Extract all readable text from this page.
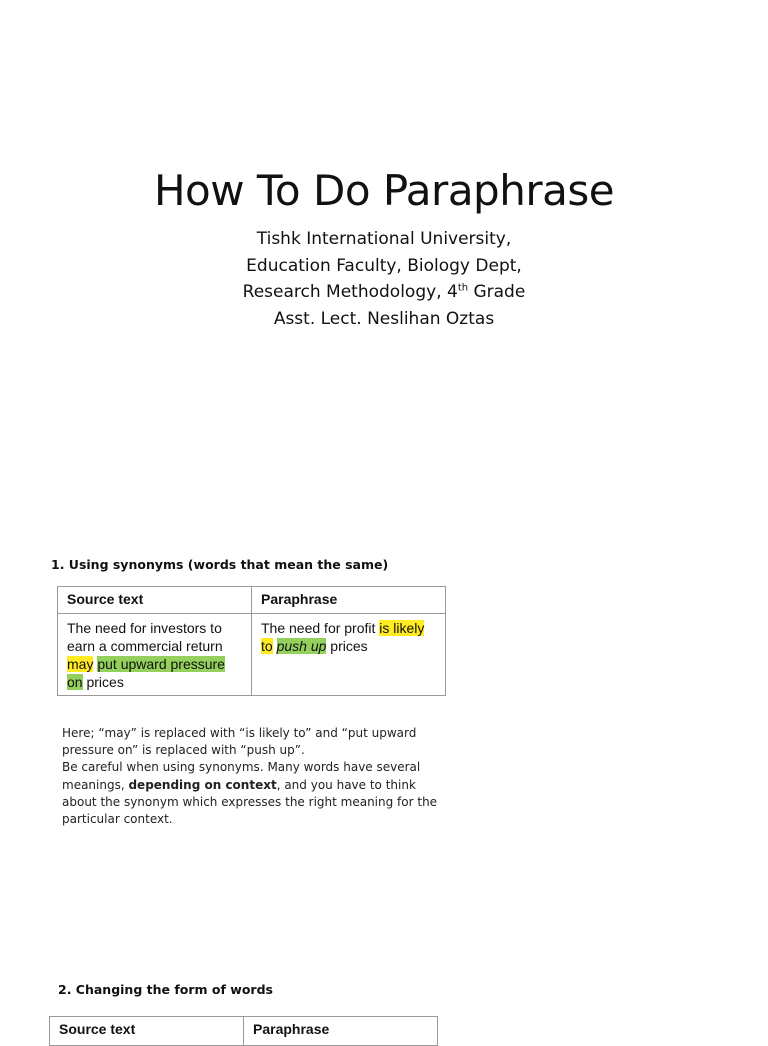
How To Do Paraphrase
Tishk International University,
Education Faculty, Biology Dept,
Research Methodology, 4th Grade
Asst. Lect. Neslihan Oztas
1. Using synonyms (words that mean the same)
Source text	Paraphrase
The need for investors to earn a commercial return may put upward pressure on prices	The need for profit is likely to push up prices

Here; “may” is replaced with “is likely to” and “put upward pressure on” is replaced with “push up”.

Be careful when using synonyms. Many words have several meanings, depending on context, and you have to think about the synonym which expresses the right meaning for the particular context.

2. Changing the form of words
Source text	Paraphrase
